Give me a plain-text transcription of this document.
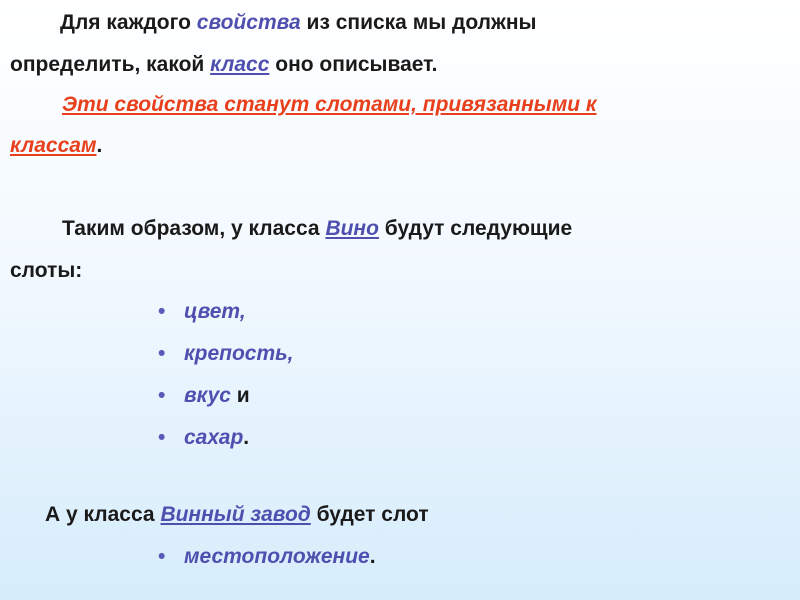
Для каждого свойства из списка мы должны
определить, какой класс оно описывает.
Эти свойства станут слотами, привязанными к
классам.
Таким образом, у класса Вино будут следующие
слоты:
• цвет,
• крепость,
• вкус и
• сахар.
А у класса Винный завод будет слот
• местоположение.
